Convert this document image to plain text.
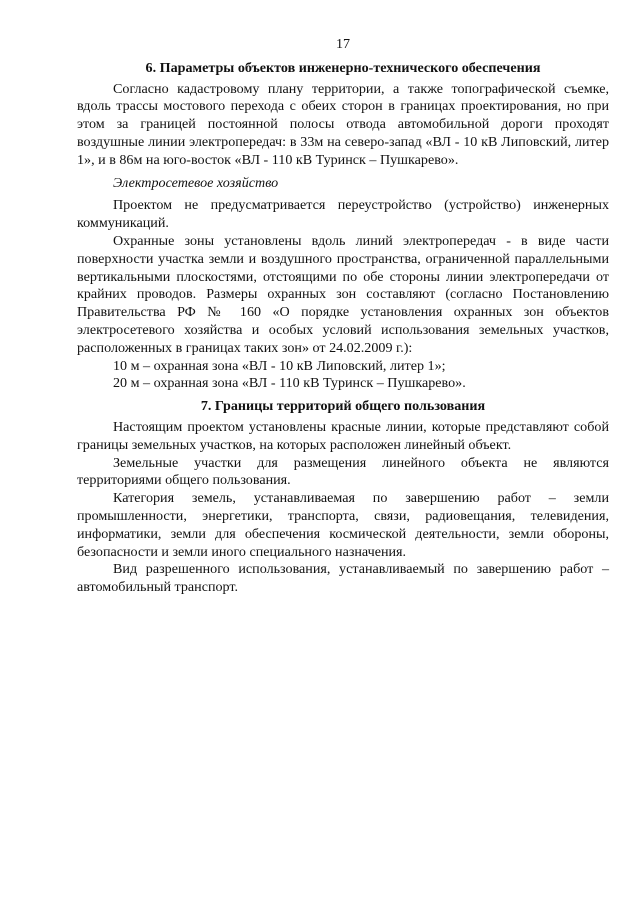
17
6. Параметры объектов инженерно-технического обеспечения

Согласно кадастровому плану территории, а также топографической съемке, вдоль трассы мостового перехода с обеих сторон в границах проектирования, но при этом за границей постоянной полосы отвода автомобильной дороги проходят воздушные линии электропередач: в 33м на северо-запад «ВЛ - 10 кВ Липовский, литер 1», и в 86м на юго-восток «ВЛ - 110 кВ Туринск – Пушкарево».

Электросетевое хозяйство

Проектом не предусматривается переустройство (устройство) инженерных коммуникаций.

Охранные зоны установлены вдоль линий электропередач - в виде части поверхности участка земли и воздушного пространства, ограниченной параллельными вертикальными плоскостями, отстоящими по обе стороны линии электропередачи от крайних проводов. Размеры охранных зон составляют (согласно Постановлению Правительства РФ № 160 «О порядке установления охранных зон объектов электросетевого хозяйства и особых условий использования земельных участков, расположенных в границах таких зон» от 24.02.2009 г.):

10 м – охранная зона «ВЛ - 10 кВ Липовский, литер 1»;

20 м – охранная зона «ВЛ - 110 кВ Туринск – Пушкарево».

7. Границы территорий общего пользования

Настоящим проектом установлены красные линии, которые представляют собой границы земельных участков, на которых расположен линейный объект.

Земельные участки для размещения линейного объекта не являются территориями общего пользования.

Категория земель, устанавливаемая по завершению работ – земли промышленности, энергетики, транспорта, связи, радиовещания, телевидения, информатики, земли для обеспечения космической деятельности, земли обороны, безопасности и земли иного специального назначения.

Вид разрешенного использования, устанавливаемый по завершению работ – автомобильный транспорт.
